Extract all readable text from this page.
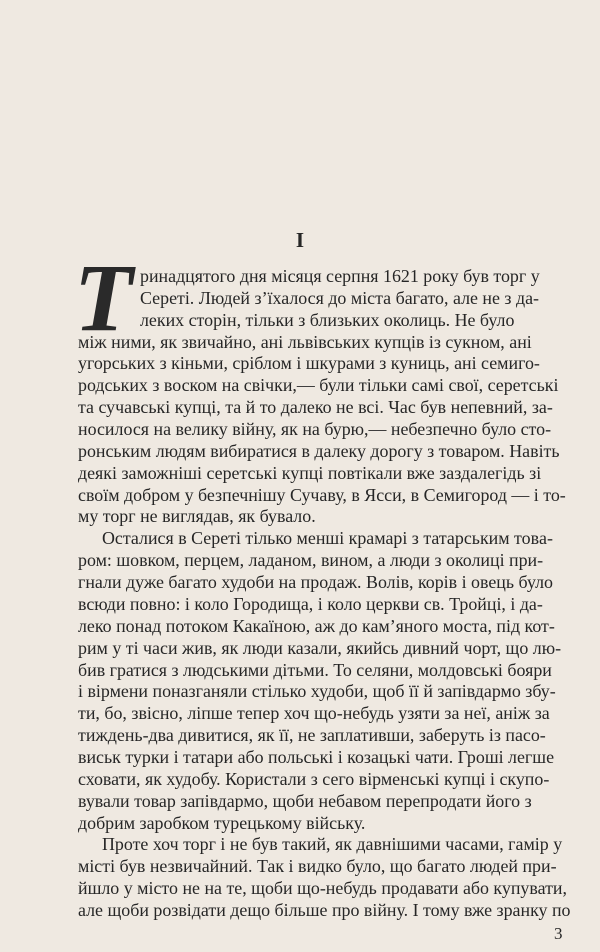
I
Т ринадцятого дня місяця серпня 1621 року був торг у

Сереті. Людей з’їхалося до міста багато, але не з да-

леких сторін, тільки з близьких околиць. Не було

між ними, як звичайно, ані львівських купців із сукном, ані

угорських з кіньми, сріблом і шкурами з куниць, ані семиго-

родських з воском на свічки,— були тільки самі свої, серетські

та сучавські купці, та й то далеко не всі. Час був непевний, за-

носилося на велику війну, як на бурю,— небезпечно було сто-

ронським людям вибиратися в далеку дорогу з товаром. Навіть

деякі заможніші серетські купці повтікали вже заздалегідь зі

своїм добром у безпечнішу Сучаву, в Ясси, в Семигород — і то-

му торг не виглядав, як бувало.

Осталися в Сереті тілько менші крамарі з татарським товa-

ром: шовком, перцем, ладаном, вином, а люди з околиці при-

гнали дуже багато худоби на продаж. Волів, корів і овець було

всюди повно: і коло Городища, і коло церкви св. Тройці, і да-

леко понад потоком Какаїною, аж до кам’яного моста, під кот-

рим у ті часи жив, як люди казали, якийсь дивний чорт, що лю-

бив гратися з людськими дітьми. То селяни, молдовські бояри

і вірмени поназганяли стілько худоби, щоб її й запівдармо збу-

ти, бо, звісно, ліпше тепер хоч що-небудь узяти за неї, аніж за

тиждень-два дивитися, як її, не заплативши, заберуть із пасо-

виськ турки і татари або польські і козацькі чати. Гроші легше

сховати, як худобу. Користали з сего вірменські купці і скупо-

вували товар запівдармо, щоби небавом перепродати його з

добрим заробком турецькому війську.

Проте хоч торг і не був такий, як давнішими часами, гамір у

місті був незвичайний. Так і видко було, що багато людей при-

йшло у місто не на те, щоби що-небудь продавати або купувати,

але щоби розвідати дещо більше про війну. І тому вже зранку по

3
